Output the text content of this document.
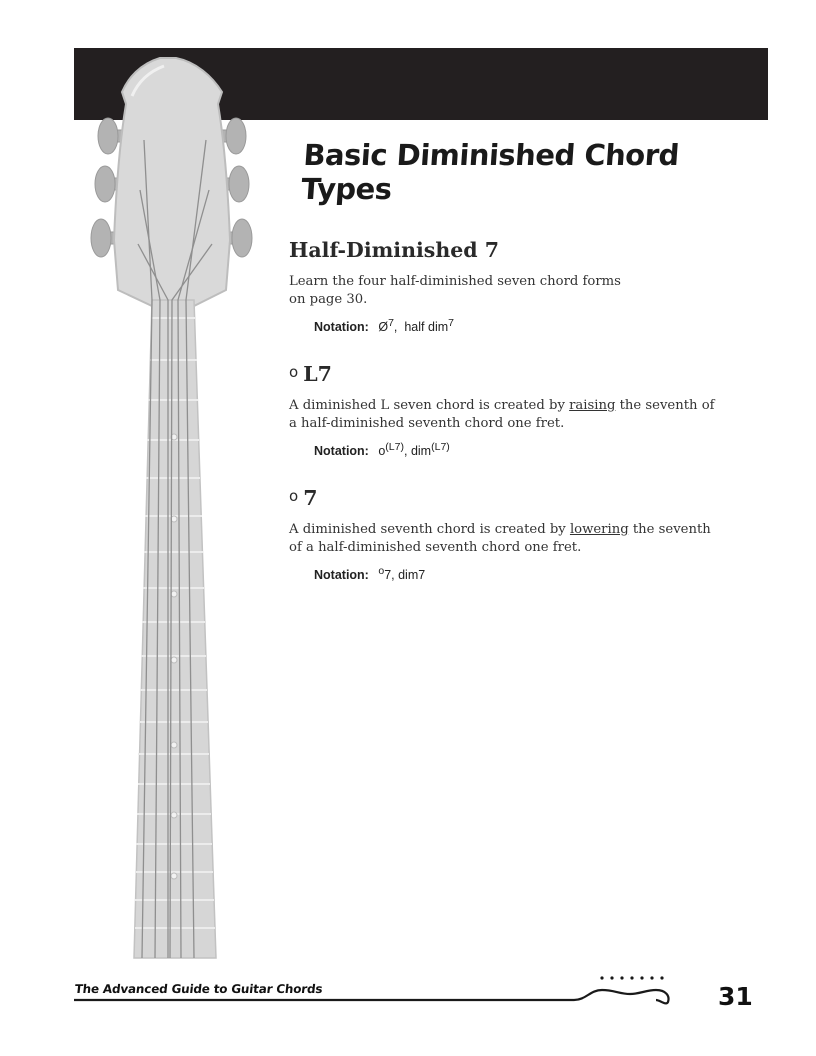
Basic Diminished Chord Types
Half-Diminished 7

Learn the four half-diminished seven chord forms
on page 30.

Notation: $Ø^7$, half dim$^7$
o L7

A diminished L seven chord is created by raising the seventh of
a half-diminished seventh chord one fret.

Notation: $o^{(L7)}$, dim$^{(L7)}$
o 7

A diminished seventh chord is created by lowering the seventh
of a half-diminished seventh chord one fret.

Notation: $^o$7, dim7
The Advanced Guide to Guitar Chords	31
